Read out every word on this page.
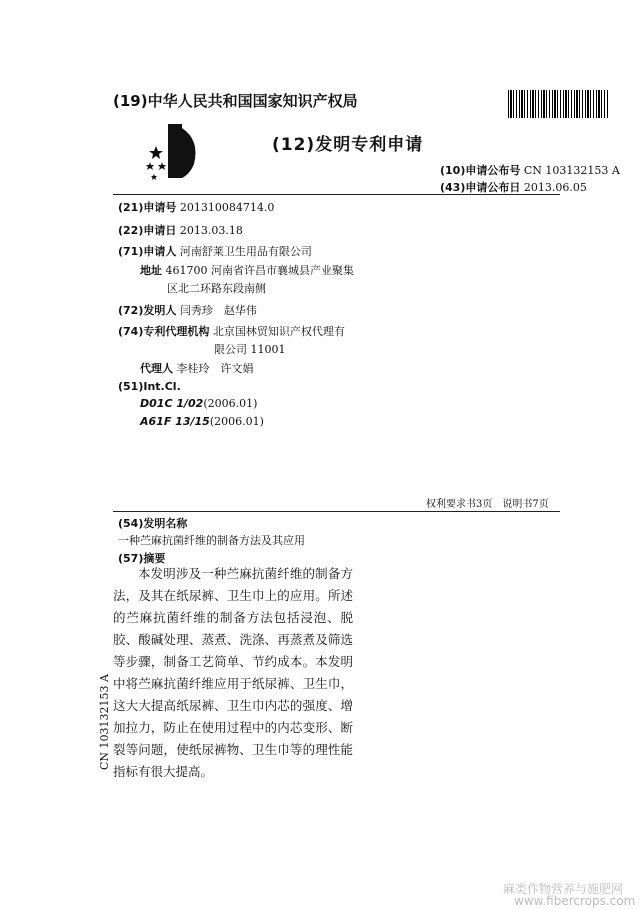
(19)中华人民共和国国家知识产权局
(12)发明专利申请
(10)申请公布号 CN 103132153 A
(43)申请公布日 2013.06.05
(21)申请号 201310084714.0
(22)申请日 2013.03.18
(71)申请人 河南舒莱卫生用品有限公司
地址 461700 河南省许昌市襄城县产业聚集
区北二环路东段南侧
(72)发明人 闫秀珍　赵华伟
(74)专利代理机构 北京国林贸知识产权代理有
限公司 11001
代理人 李桂玲　许文娟
(51)Int.Cl.
D01C 1/02(2006.01)
A61F 13/15(2006.01)
权利要求书3页　说明书7页
(54)发明名称
一种苎麻抗菌纤维的制备方法及其应用
(57)摘要
本发明涉及一种苎麻抗菌纤维的制备方法，及其在纸尿裤、卫生巾上的应用。所述的苎麻抗菌纤维的制备方法包括浸泡、脱胶、酸碱处理、蒸煮、洗涤、再蒸煮及筛选等步骤，制备工艺简单、节约成本。本发明中将苎麻抗菌纤维应用于纸尿裤、卫生巾，这大大提高纸尿裤、卫生巾内芯的强度、增加拉力，防止在使用过程中的内芯变形、断裂等问题，使纸尿裤物、卫生巾等的理性能指标有很大提高。
CN 103132153 A
麻类作物营养与施肥网
www.fibercrops.com
